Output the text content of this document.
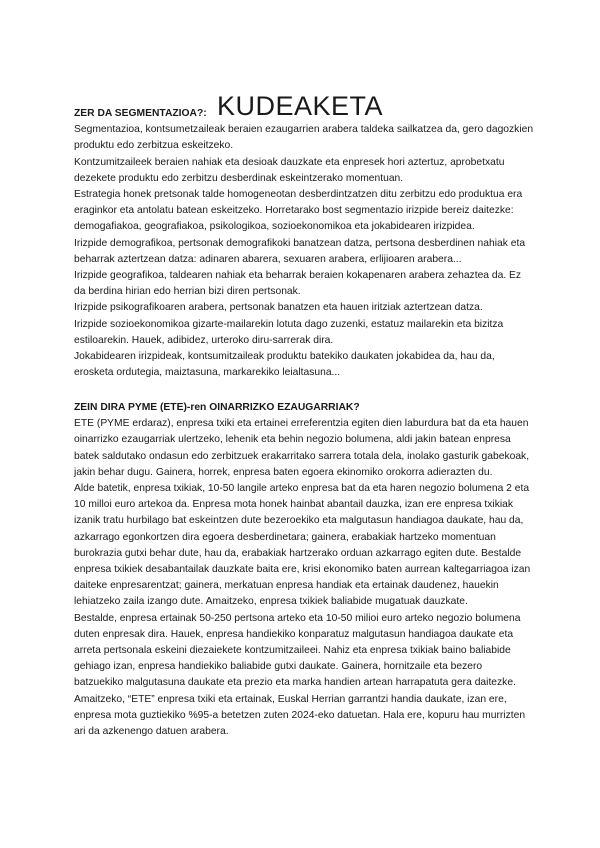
KUDEAKETA

ZER DA SEGMENTAZIOA?:

Segmentazioa, kontsumetzaileak beraien ezaugarrien arabera taldeka sailkatzea da, gero dagozkien produktu edo zerbitzua eskeitzeko.

Kontzumitzaileek beraien nahiak eta desioak dauzkate eta enpresek hori aztertuz, aprobetxatu dezekete produktu edo zerbitzu desberdinak eskeintzerako momentuan.

Estrategia honek pretsonak talde homogeneotan desberdintzatzen ditu zerbitzu edo produktua era eraginkor eta antolatu batean eskeitzeko. Horretarako bost segmentazio irizpide bereiz daitezke: demogafiakoa, geografiakoa, psikologikoa, sozioekonomikoa eta jokabidearen irizpidea.

Irizpide demografikoa, pertsonak demografikoki banatzean datza, pertsona desberdinen nahiak eta beharrak aztertzean datza: adinaren abarera, sexuaren arabera, erlijioaren arabera...

Irizpide geografikoa, taldearen nahiak eta beharrak beraien kokapenaren arabera zehaztea da. Ez da berdina hirian edo herrian bizi diren pertsonak.

Irizpide psikografikoaren arabera, pertsonak banatzen eta hauen iritziak aztertzean datza.

Irizpide sozioekonomikoa gizarte-mailarekin lotuta dago zuzenki, estatuz mailarekin eta bizitza estiloarekin. Hauek, adibidez, urteroko diru-sarrerak dira.

Jokabidearen irizpideak, kontsumitzaileak produktu batekiko daukaten jokabidea da, hau da, erosketa ordutegia, maiztasuna, markarekiko leialtasuna...

ZEIN DIRA PYME (ETE)-ren OINARRIZKO EZAUGARRIAK?

ETE (PYME erdaraz), enpresa txiki eta ertainei erreferentzia egiten dien laburdura bat da eta hauen oinarrizko ezaugarriak ulertzeko, lehenik eta behin negozio bolumena, aldi jakin batean enpresa batek saldutako ondasun edo zerbitzuek erakarritako sarrera totala dela, inolako gasturik gabekoak, jakin behar dugu. Gainera, horrek, enpresa baten egoera ekinomiko orokorra adierazten du.

Alde batetik, enpresa txikiak, 10-50 langile arteko enpresa bat da eta haren negozio bolumena 2 eta 10 milloi euro artekoa da. Enpresa mota honek hainbat abantail dauzka, izan ere enpresa txikiak izanik tratu hurbilago bat eskeintzen dute bezeroekiko eta malgutasun handiagoa daukate, hau da, azkarrago egonkortzen dira egoera desberdinetara; gainera, erabakiak hartzeko momentuan burokrazia gutxi behar dute, hau da, erabakiak hartzerako orduan azkarrago egiten dute. Bestalde enpresa txikiek desabantailak dauzkate baita ere, krisi ekonomiko baten aurrean kaltegarriagoa izan daiteke enpresarentzat; gainera, merkatuan enpresa handiak eta ertainak daudenez, hauekin lehiatzeko zaila izango dute. Amaitzeko, enpresa txikiek baliabide mugatuak dauzkate.

Bestalde, enpresa ertainak 50-250 pertsona arteko eta 10-50 milioi euro arteko negozio bolumena duten enpresak dira. Hauek, enpresa handiekiko konparatuz malgutasun handiagoa daukate eta arreta pertsonala eskeini diezaiekete kontzumitzaileei. Nahiz eta enpresa txikiak baino baliabide gehiago izan, enpresa handiekiko baliabide gutxi daukate. Gainera, hornitzaile eta bezero batzuekiko malgutasuna daukate eta prezio eta marka handien artean harrapatuta gera daitezke.

Amaitzeko, “ETE” enpresa txiki eta ertainak, Euskal Herrian garrantzi handia daukate, izan ere, enpresa mota guztiekiko %95-a betetzen zuten 2024-eko datuetan. Hala ere, kopuru hau murrizten ari da azkenengo datuen arabera.
